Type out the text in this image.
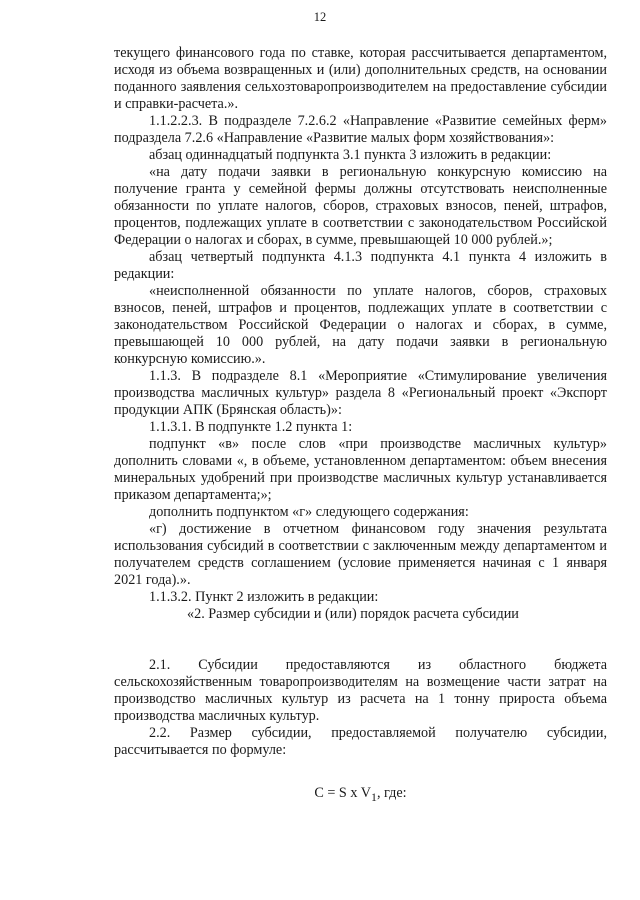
12

текущего финансового года по ставке, которая рассчитывается департаментом, исходя из объема возвращенных и (или) дополнительных средств, на основании поданного заявления сельхозтоваропроизводителем на предоставление субсидии и справки-расчета.».

1.1.2.2.3. В подразделе 7.2.6.2 «Направление «Развитие семейных ферм» подраздела 7.2.6 «Направление «Развитие малых форм хозяйствования»:

абзац одиннадцатый подпункта 3.1 пункта 3 изложить в редакции:

«на дату подачи заявки в региональную конкурсную комиссию на получение гранта у семейной фермы должны отсутствовать неисполненные обязанности по уплате налогов, сборов, страховых взносов, пеней, штрафов, процентов, подлежащих уплате в соответствии с законодательством Российской Федерации о налогах и сборах, в сумме, превышающей 10 000 рублей.»;

абзац четвертый подпункта 4.1.3 подпункта 4.1 пункта 4 изложить в редакции:

«неисполненной обязанности по уплате налогов, сборов, страховых взносов, пеней, штрафов и процентов, подлежащих уплате в соответствии с законодательством Российской Федерации о налогах и сборах, в сумме, превышающей 10 000 рублей, на дату подачи заявки в региональную конкурсную комиссию.».

1.1.3. В подразделе 8.1 «Мероприятие «Стимулирование увеличения производства масличных культур» раздела 8 «Региональный проект «Экспорт продукции АПК (Брянская область)»:

1.1.3.1. В подпункте 1.2 пункта 1:

подпункт «в» после слов «при производстве масличных культур» дополнить словами «, в объеме, установленном департаментом: объем внесения минеральных удобрений при производстве масличных культур устанавливается приказом департамента;»;

дополнить подпунктом «г» следующего содержания:

«г) достижение в отчетном финансовом году значения результата использования субсидий в соответствии с заключенным между департаментом и получателем средств соглашением (условие применяется начиная с 1 января 2021 года).».

1.1.3.2. Пункт 2 изложить в редакции:

«2. Размер субсидии и (или) порядок расчета субсидии

2.1. Субсидии предоставляются из областного бюджета сельскохозяйственным товаропроизводителям на возмещение части затрат на производство масличных культур из расчета на 1 тонну прироста объема производства масличных культур.

2.2. Размер субсидии, предоставляемой получателю субсидии, рассчитывается по формуле:

C = S x $V_1$, где:
